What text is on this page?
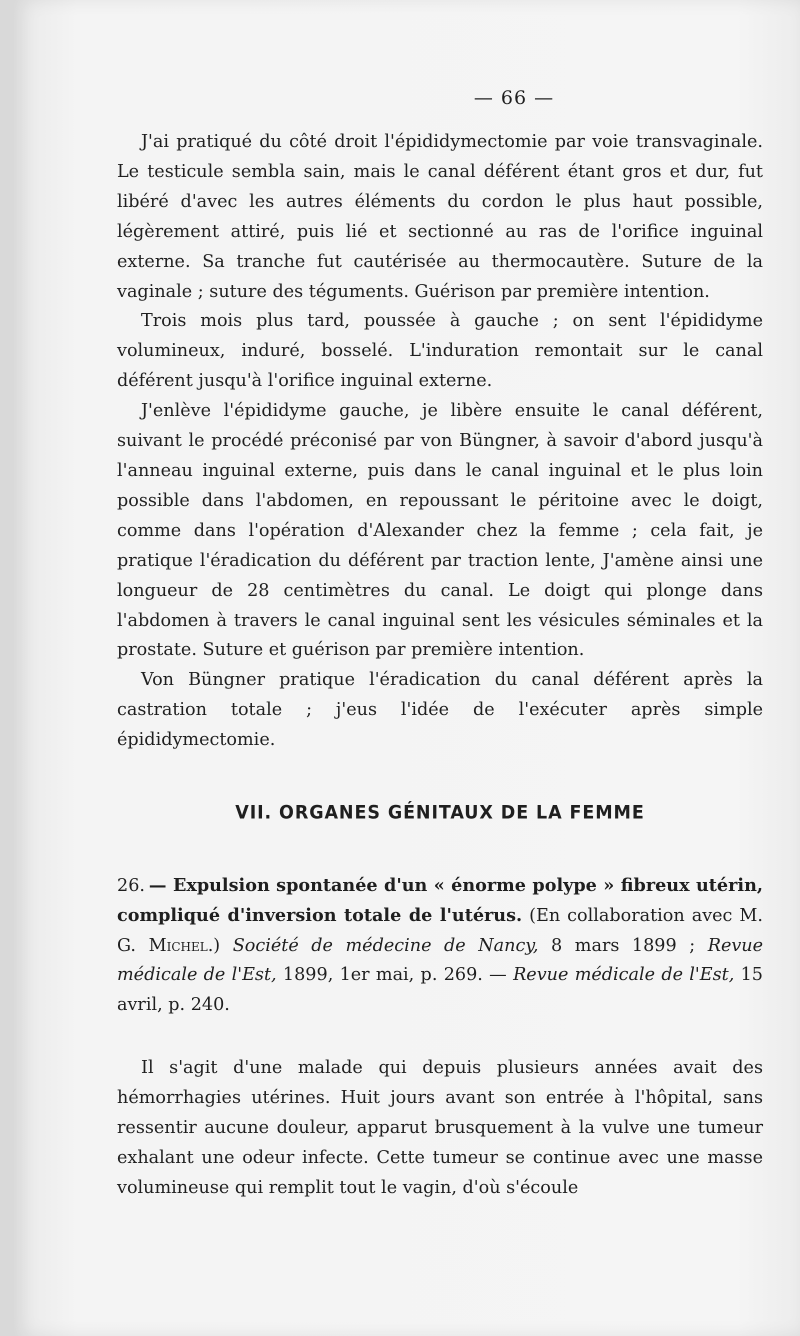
— 66 —

J'ai pratiqué du côté droit l'épididymectomie par voie transvaginale. Le testicule sembla sain, mais le canal déférent étant gros et dur, fut libéré d'avec les autres éléments du cordon le plus haut possible, légèrement attiré, puis lié et sectionné au ras de l'orifice inguinal externe. Sa tranche fut cautérisée au thermocautère. Suture de la vaginale ; suture des téguments. Guérison par première intention.

Trois mois plus tard, poussée à gauche ; on sent l'épididyme volumineux, induré, bosselé. L'induration remontait sur le canal déférent jusqu'à l'orifice inguinal externe.

J'enlève l'épididyme gauche, je libère ensuite le canal déférent, suivant le procédé préconisé par von Büngner, à savoir d'abord jusqu'à l'anneau inguinal externe, puis dans le canal inguinal et le plus loin possible dans l'abdomen, en repoussant le péritoine avec le doigt, comme dans l'opération d'Alexander chez la femme ; cela fait, je pratique l'éradication du déférent par traction lente, J'amène ainsi une longueur de 28 centimètres du canal. Le doigt qui plonge dans l'abdomen à travers le canal inguinal sent les vésicules séminales et la prostate. Suture et guérison par première intention.

Von Büngner pratique l'éradication du canal déférent après la castration totale ; j'eus l'idée de l'exécuter après simple épididymectomie.

VII. ORGANES GÉNITAUX DE LA FEMME
26. — Expulsion spontanée d'un « énorme polype » fibreux utérin, compliqué d'inversion totale de l'utérus. (En collaboration avec M. G. Michel.) Société de médecine de Nancy, 8 mars 1899 ; Revue médicale de l'Est, 1899, 1er mai, p. 269. — Revue médicale de l'Est, 15 avril, p. 240.

Il s'agit d'une malade qui depuis plusieurs années avait des hémorrhagies utérines. Huit jours avant son entrée à l'hôpital, sans ressentir aucune douleur, apparut brusquement à la vulve une tumeur exhalant une odeur infecte. Cette tumeur se continue avec une masse volumineuse qui remplit tout le vagin, d'où s'écoule
